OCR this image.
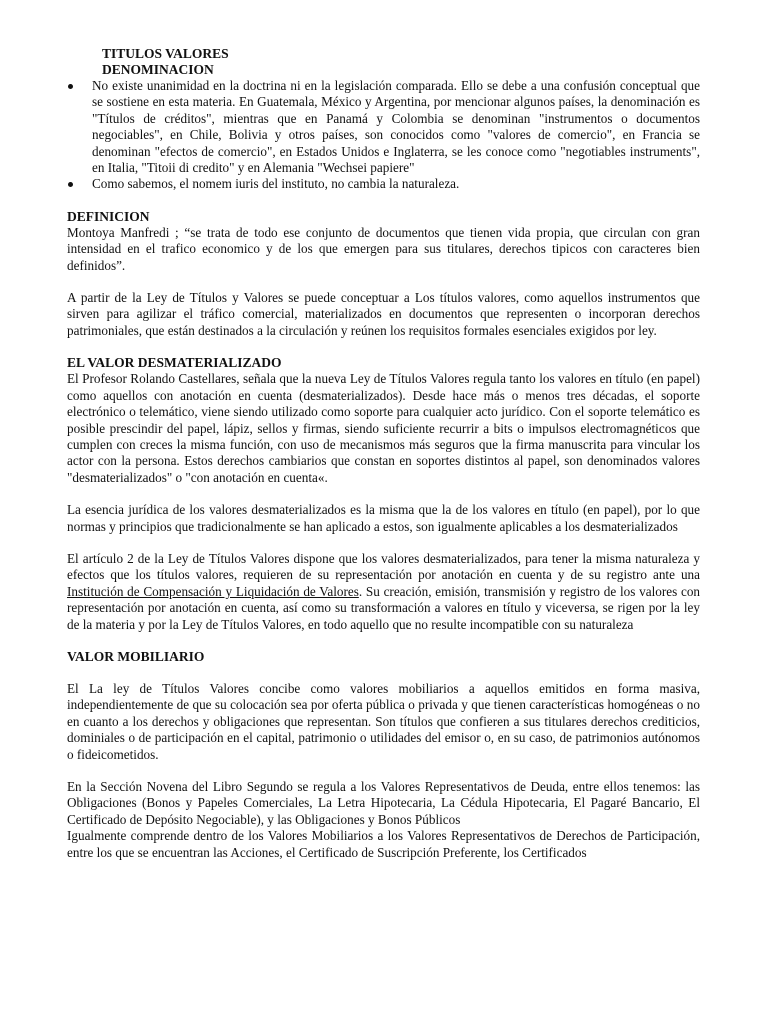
TITULOS VALORES
DENOMINACION
No existe unanimidad en la doctrina ni en la legislación comparada. Ello se debe a una confusión conceptual que se sostiene en esta materia. En Guatemala, México y Argentina, por mencionar algunos países, la denominación es "Títulos de créditos", mientras que en Panamá y Colombia se denominan "instrumentos o documentos negociables", en Chile, Bolivia y otros países, son conocidos como "valores de comercio", en Francia se denominan "efectos de comercio", en Estados Unidos e Inglaterra, se les conoce como "negotiables instruments", en Italia, "Titoii di credito" y en Alemania "Wechsei papiere"
Como sabemos, el nomem iuris del instituto, no cambia la naturaleza.
DEFINICION

Montoya Manfredi ; “se trata de todo ese conjunto de documentos que tienen vida propia, que circulan con gran intensidad en el trafico economico y de los que emergen para sus titulares, derechos tipicos con caracteres bien definidos”.

A partir de la Ley de Títulos y Valores se puede conceptuar a Los títulos valores, como aquellos instrumentos que sirven para agilizar el tráfico comercial, materializados en documentos que representen o incorporan derechos patrimoniales, que están destinados a la circulación y reúnen los requisitos formales esenciales exigidos por ley.

EL VALOR DESMATERIALIZADO

El Profesor Rolando Castellares, señala que la nueva Ley de Títulos Valores regula tanto los valores en título (en papel) como aquellos con anotación en cuenta (desmaterializados). Desde hace más o menos tres décadas, el soporte electrónico o telemático, viene siendo utilizado como soporte para cualquier acto jurídico. Con el soporte telemático es posible prescindir del papel, lápiz, sellos y firmas, siendo suficiente recurrir a bits o impulsos electromagnéticos que cumplen con creces la misma función, con uso de mecanismos más seguros que la firma manuscrita para vincular los actor con la persona. Estos derechos cambiarios que constan en soportes distintos al papel, son denominados valores "desmaterializados" o "con anotación en cuenta«.

La esencia jurídica de los valores desmaterializados es la misma que la de los valores en título (en papel), por lo que normas y principios que tradicionalmente se han aplicado a estos, son igualmente aplicables a los desmaterializados

El artículo 2 de la Ley de Títulos Valores dispone que los valores desmaterializados, para tener la misma naturaleza y efectos que los títulos valores, requieren de su representación por anotación en cuenta y de su registro ante una Institución de Compensación y Liquidación de Valores. Su creación, emisión, transmisión y registro de los valores con representación por anotación en cuenta, así como su transformación a valores en título y viceversa, se rigen por la ley de la materia y por la Ley de Títulos Valores, en todo aquello que no resulte incompatible con su naturaleza

VALOR MOBILIARIO

El La ley de Títulos Valores concibe como valores mobiliarios a aquellos emitidos en forma masiva, independientemente de que su colocación sea por oferta pública o privada y que tienen características homogéneas o no en cuanto a los derechos y obligaciones que representan. Son títulos que confieren a sus titulares derechos crediticios, dominiales o de participación en el capital, patrimonio o utilidades del emisor o, en su caso, de patrimonios autónomos o fideicometidos.

En la Sección Novena del Libro Segundo se regula a los Valores Representativos de Deuda, entre ellos tenemos: las Obligaciones (Bonos y Papeles Comerciales, La Letra Hipotecaria, La Cédula Hipotecaria, El Pagaré Bancario, El Certificado de Depósito Negociable), y las Obligaciones y Bonos Públicos

Igualmente comprende dentro de los Valores Mobiliarios a los Valores Representativos de Derechos de Participación, entre los que se encuentran las Acciones, el Certificado de Suscripción Preferente, los Certificados
